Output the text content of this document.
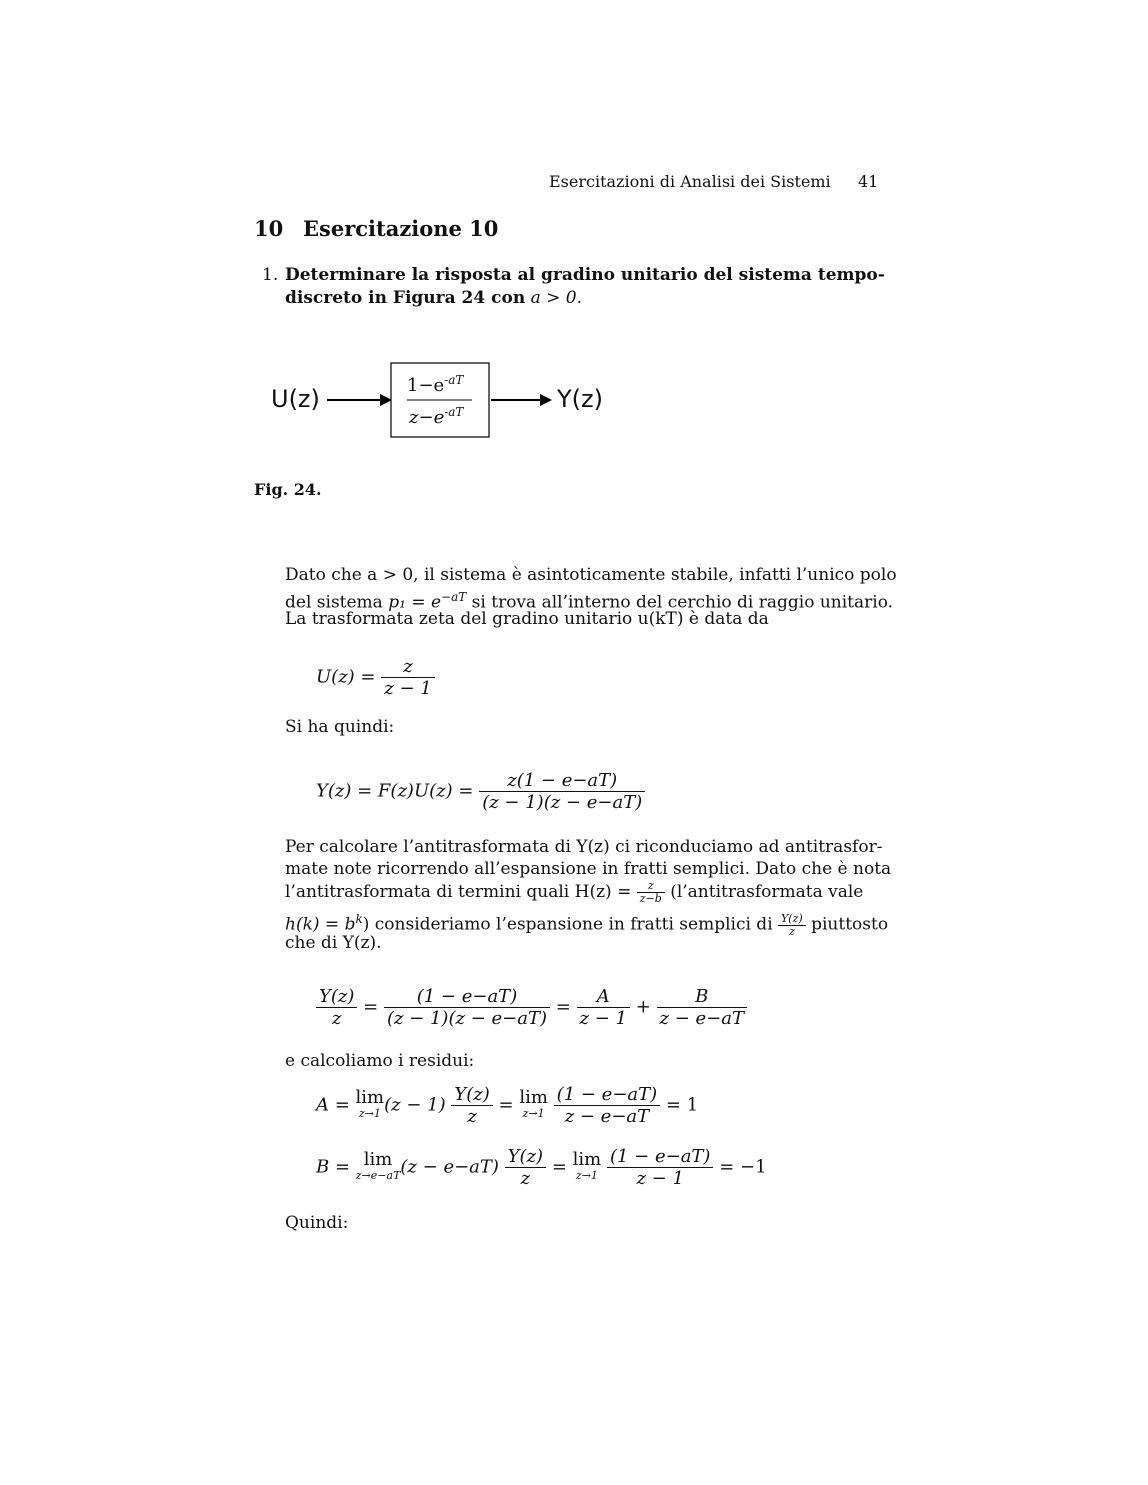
Esercitazioni di Analisi dei Sistemi 41
10 Esercitazione 10
1. Determinare la risposta al gradino unitario del sistema tempo-
discreto in Figura 24 con a > 0.
U(z)	Y(z)
$1-e^{-aT}$
$z-e^{-aT}$
Fig. 24.
Dato che a > 0, il sistema è asintoticamente stabile, infatti l’unico polo
del sistema $p_1 = e^{-aT}$ si trova all’interno del cerchio di raggio unitario.
La trasformata zeta del gradino unitario u(kT) è data da
$U(z) = \frac{z}{z - 1}$
Si ha quindi:
$Y(z) = F(z)U(z) = \frac{z(1 - e-aT)}{(z - 1)(z - e-aT)}$
Per calcolare l’antitrasformata di Y(z) ci riconduciamo ad antitrasfor-
mate note ricorrendo all’espansione in fratti semplici. Dato che è nota
l’antitrasformata di termini quali $H(z) = \frac{z}{z-b}$ (l’antitrasformata vale
$h(k) = b^k$) consideriamo l’espansione in fratti semplici di $\frac{Y(z)}{z}$ piuttosto
che di Y(z).
$\frac{Y(z)}{z} = \frac{(1 - e-aT)}{(z - 1)(z - e-aT)} = \frac{A}{z - 1} + \frac{B}{z - e-aT}$
e calcoliamo i residui:
A = lim
z→1 $(z - 1) \frac{Y(z)}{z} = \lim$
z→1
$\frac{(1 - e-aT)}{z - e-aT} = 1$
B = lim
z→e−aT $(z - e-aT) \frac{Y(z)}{z} = \lim$
z→1
$\frac{(1 - e-aT)}{z - 1} = -1$
Quindi:
